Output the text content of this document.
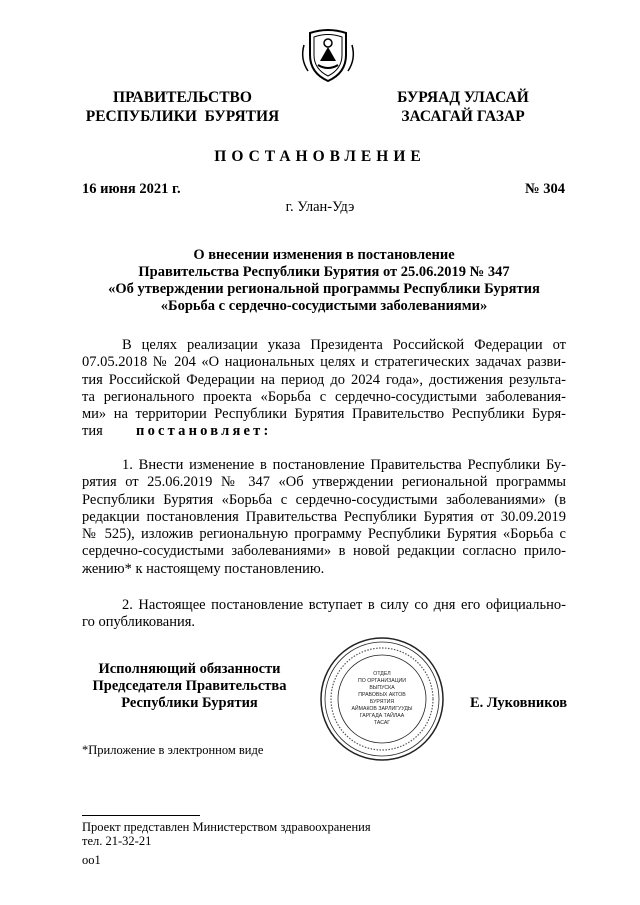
ПРАВИТЕЛЬСТВО
РЕСПУБЛИКИ  БУРЯТИЯ
БУРЯАД УЛАСАЙ
ЗАСАГАЙ ГАЗАР
ПОСТАНОВЛЕНИЕ
16 июня 2021 г.	№ 304
г. Улан-Удэ
О внесении изменения в постановление
Правительства Республики Бурятия от 25.06.2019 № 347
«Об утверждении региональной программы Республики Бурятия
«Борьба с сердечно-сосудистыми заболеваниями»
В целях реализации указа Президента Российской Федерации от
07.05.2018 № 204 «О национальных целях и стратегических задачах разви-
тия Российской Федерации на период до 2024 года», достижения результа-
та регионального проекта «Борьба с сердечно-сосудистыми заболевания-
ми» на территории Республики Бурятия Правительство Республики Буря-
тия постановляет:
1. Внести изменение в постановление Правительства Республики Бу-
рятия от 25.06.2019 № 347 «Об утверждении региональной программы
Республики Бурятия «Борьба с сердечно-сосудистыми заболеваниями» (в
редакции постановления Правительства Республики Бурятия от 30.09.2019
№ 525), изложив региональную программу Республики Бурятия «Борьба с
сердечно-сосудистыми заболеваниями» в новой редакции согласно прило-
жению* к настоящему постановлению.
2. Настоящее постановление вступает в силу со дня его официально-
го опубликования.
Исполняющий обязанности
Председателя Правительства
Республики Бурятия
ОТДЕЛ
ПО ОРГАНИЗАЦИИ
ВЫПУСКА
ПРАВОВЫХ АКТОВ
БУРЯТИЯ
АЙМАКОВ ЗАРЛИГУУДЫ
ГАРГАДА ТАЙЛАА
ТАСАГ
Е. Луковников
*Приложение в электронном виде
Проект представлен Министерством здравоохранения
тел. 21-32-21
оо1
